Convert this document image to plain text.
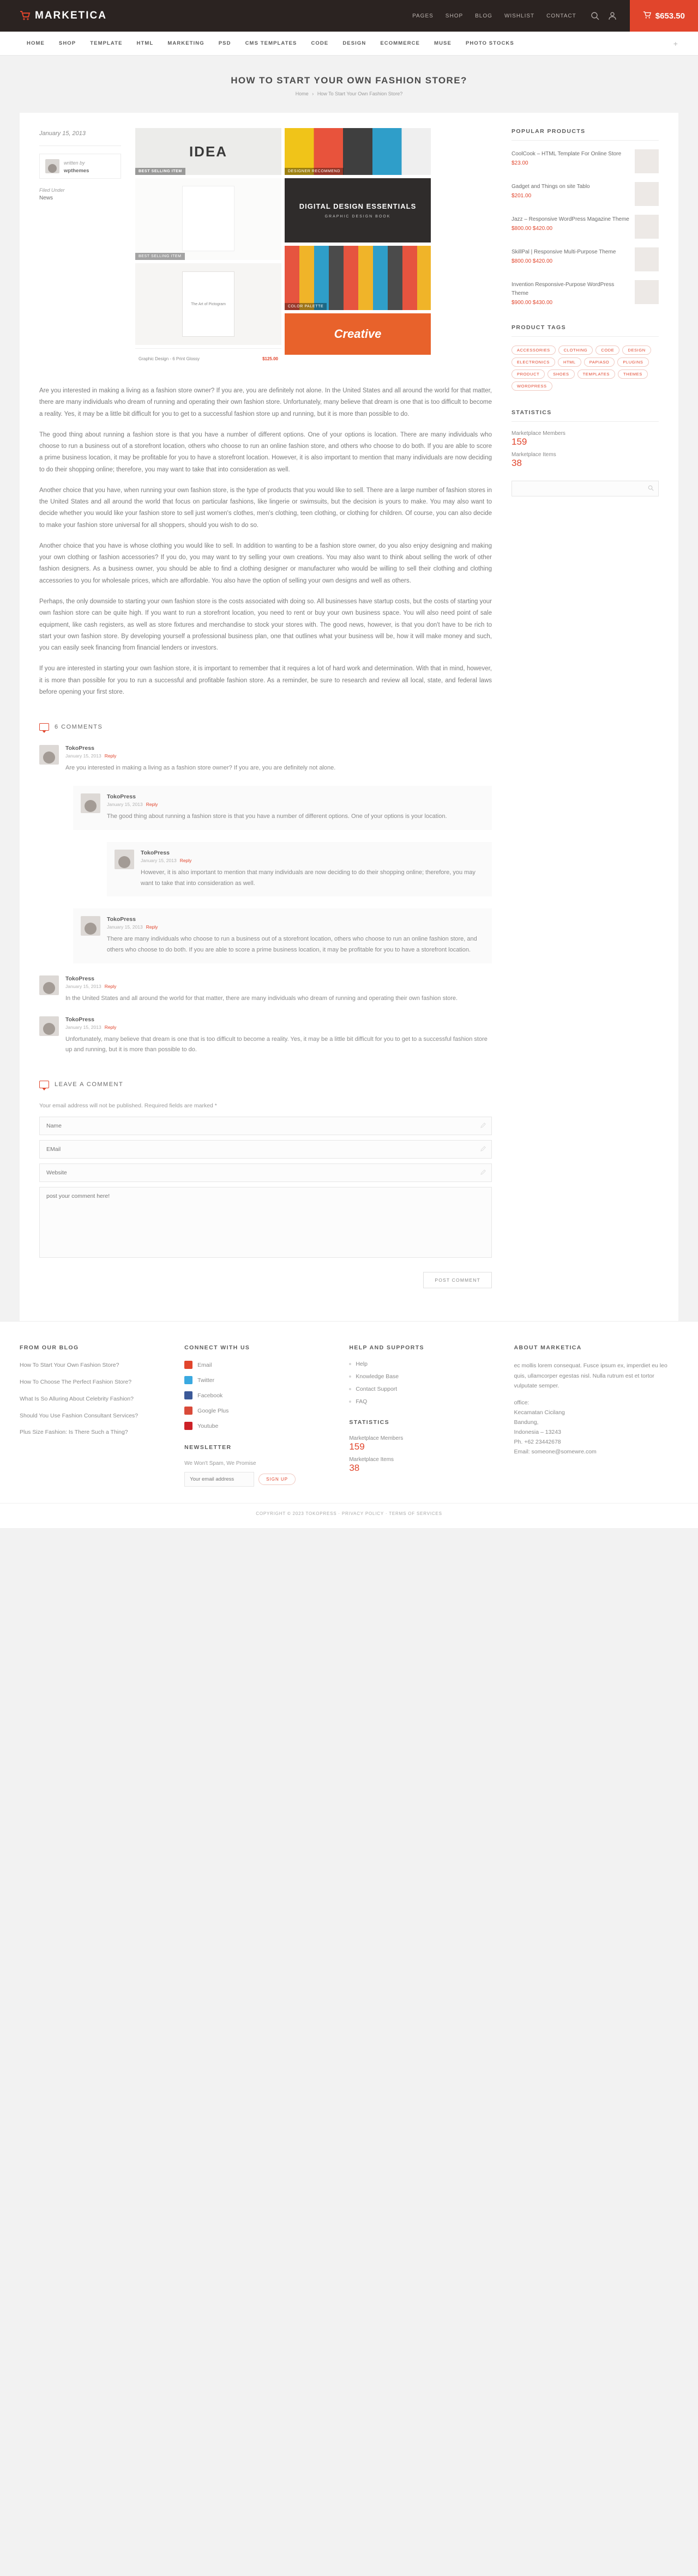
MARKETICA	PAGES SHOP BLOG WISHLIST CONTACT	$653.50
HOME	SHOP	TEMPLATE	HTML	MARKETING	PSD	CMS TEMPLATES	CODE	DESIGN	ECOMMERCE	MUSE	PHOTO STOCKS	+
HOW TO START YOUR OWN FASHION STORE?
Home › How To Start Your Own Fashion Store?
January 15, 2013
written by
wpthemes
Filed Under
News
IDEA
BEST SELLING ITEM
BEST SELLING ITEM
The Art of Pictogram
Graphic Design - 6 Print Glossy	$125.00
DESIGNER RECOMMEND
DIGITAL DESIGN ESSENTIALS
GRAPHIC DESIGN BOOK
COLOR PALETTE
Creative

Are you interested in making a living as a fashion store owner? If you are, you are definitely not alone. In the United States and all around the world for that matter, there are many individuals who dream of running and operating their own fashion store. Unfortunately, many believe that dream is one that is too difficult to become a reality. Yes, it may be a little bit difficult for you to get to a successful fashion store up and running, but it is more than possible to do.

The good thing about running a fashion store is that you have a number of different options. One of your options is location. There are many individuals who choose to run a business out of a storefront location, others who choose to run an online fashion store, and others who choose to do both. If you are able to score a prime business location, it may be profitable for you to have a storefront location. However, it is also important to mention that many individuals are now deciding to do their shopping online; therefore, you may want to take that into consideration as well.

Another choice that you have, when running your own fashion store, is the type of products that you would like to sell. There are a large number of fashion stores in the United States and all around the world that focus on particular fashions, like lingerie or swimsuits, but the decision is yours to make. You may also want to decide whether you would like your fashion store to sell just women's clothes, men's clothing, teen clothing, or clothing for children. Of course, you can also decide to make your fashion store universal for all shoppers, should you wish to do so.

Another choice that you have is whose clothing you would like to sell. In addition to wanting to be a fashion store owner, do you also enjoy designing and making your own clothing or fashion accessories? If you do, you may want to try selling your own creations. You may also want to think about selling the work of other fashion designers. As a business owner, you should be able to find a clothing designer or manufacturer who would be willing to sell their clothing and clothing accessories to you for wholesale prices, which are affordable. You also have the option of selling your own designs and well as others.

Perhaps, the only downside to starting your own fashion store is the costs associated with doing so. All businesses have startup costs, but the costs of starting your own fashion store can be quite high. If you want to run a storefront location, you need to rent or buy your own business space. You will also need point of sale equipment, like cash registers, as well as store fixtures and merchandise to stock your stores with. The good news, however, is that you don't have to be rich to start your own fashion store. By developing yourself a professional business plan, one that outlines what your business will be, how it will make money and such, you can easily seek financing from financial lenders or investors.

If you are interested in starting your own fashion store, it is important to remember that it requires a lot of hard work and determination. With that in mind, however, it is more than possible for you to run a successful and profitable fashion store. As a reminder, be sure to research and review all local, state, and federal laws before opening your first store.

6 COMMENTS
TokoPress
January 15, 2013 Reply
Are you interested in making a living as a fashion store owner? If you are, you are definitely not alone.
TokoPress
January 15, 2013 Reply
The good thing about running a fashion store is that you have a number of different options. One of your options is your location.
TokoPress
January 15, 2013 Reply
However, it is also important to mention that many individuals are now deciding to do their shopping online; therefore, you may want to take that into consideration as well.
TokoPress
January 15, 2013 Reply
There are many individuals who choose to run a business out of a storefront location, others who choose to run an online fashion store, and others who choose to do both. If you are able to score a prime business location, it may be profitable for you to have a storefront location.
TokoPress
January 15, 2013 Reply
In the United States and all around the world for that matter, there are many individuals who dream of running and operating their own fashion store.
TokoPress
January 15, 2013 Reply
Unfortunately, many believe that dream is one that is too difficult to become a reality. Yes, it may be a little bit difficult for you to get to a successful fashion store up and running, but it is more than possible to do.
LEAVE A COMMENT
Your email address will not be published. Required fields are marked *
Name
EMail
Website
post your comment here!
POST COMMENT
POPULAR PRODUCTS
CoolCook – HTML Template For Online Store
$23.00
Gadget and Things on site Tablo
$201.00
Jazz – Responsive WordPress Magazine Theme
$800.00 $420.00
SkillPal | Responsive Multi-Purpose Theme
$800.00 $420.00
Invention Responsive-Purpose WordPress Theme
$900.00 $430.00
PRODUCT TAGS
ACCESSORIES	CLOTHING	CODE	DESIGN
ELECTRONICS	HTML	PAPIASO	PLUGINS
PRODUCT	SHOES	TEMPLATES	THEMES
WORDPRESS
STATISTICS
Marketplace Members
159
Marketplace Items
38
FROM OUR BLOG
How To Start Your Own Fashion Store?
How To Choose The Perfect Fashion Store?
What Is So Alluring About Celebrity Fashion?
Should You Use Fashion Consultant Services?
Plus Size Fashion: Is There Such a Thing?
CONNECT WITH US
Email
Twitter
Facebook
Google Plus
Youtube
NEWSLETTER
We Won't Spam, We Promise
Your email address
SIGN UP
HELP AND SUPPORTS
Help
Knowledge Base
Contact Support
FAQ
STATISTICS
Marketplace Members
159
Marketplace Items
38
ABOUT MARKETICA
ec mollis lorem consequat. Fusce ipsum ex, imperdiet eu leo quis, ullamcorper egestas nisl. Nulla rutrum est et tortor vulputate semper.
office:
Kecamatan Cicilang
Bandung,
Indonesia – 13243
Ph. +62 23442678
Email: someone@somewre.com
COPYRIGHT © 2023 TOKOPRESS · PRIVACY POLICY · TERMS OF SERVICES
